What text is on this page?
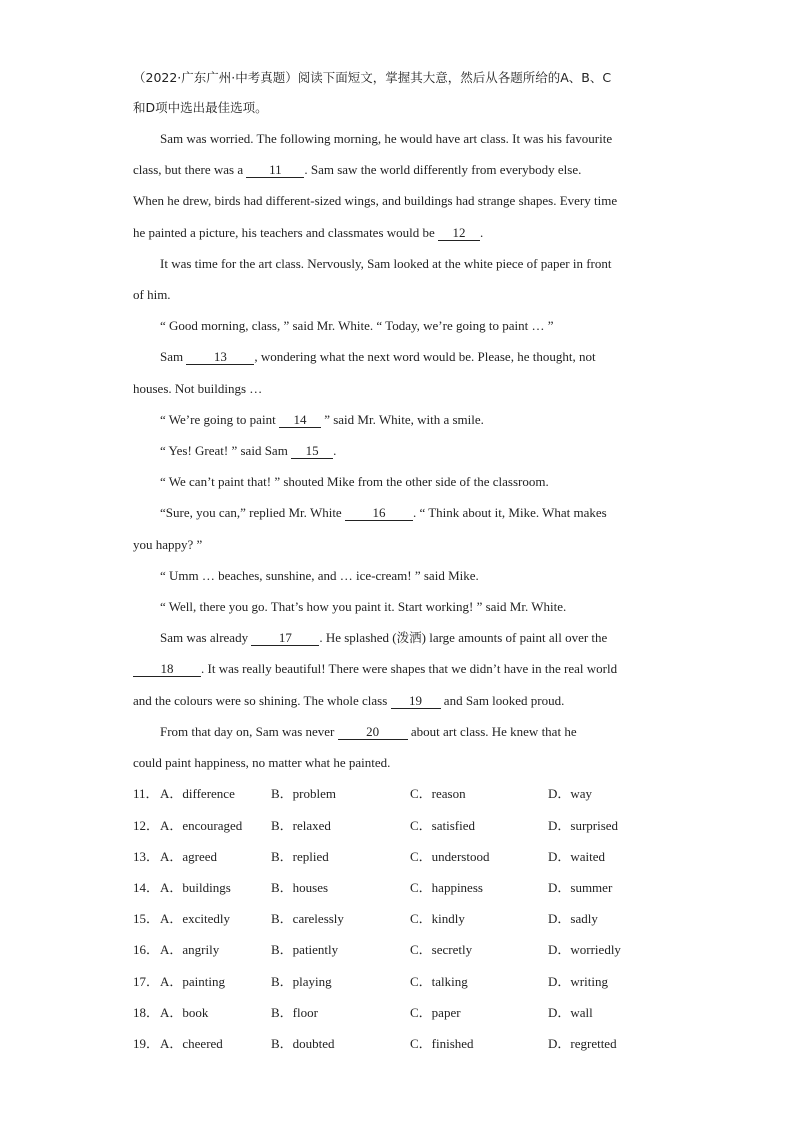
（2022·广东广州·中考真题）阅读下面短文，掌握其大意，然后从各题所给的A、B、C
和D项中选出最佳选项。
Sam was worried. The following morning, he would have art class. It was his favourite
class, but there was a 11 . Sam saw the world differently from everybody else.
When he drew, birds had different-sized wings, and buildings had strange shapes. Every time
he painted a picture, his teachers and classmates would be 12 .
It was time for the art class. Nervously, Sam looked at the white piece of paper in front
of him.
“ Good morning, class, ” said Mr. White. “ Today, we’re going to paint … ”
Sam 13 , wondering what the next word would be. Please, he thought, not
houses. Not buildings …
“ We’re going to paint 14 ” said Mr. White, with a smile.
“ Yes! Great! ” said Sam 15 .
“ We can’t paint that! ” shouted Mike from the other side of the classroom.
“Sure, you can,” replied Mr. White 16 . “ Think about it, Mike. What makes
you happy? ”
“ Umm … beaches, sunshine, and … ice-cream! ” said Mike.
“ Well, there you go. That’s how you paint it. Start working! ” said Mr. White.
Sam was already 17 . He splashed (泼洒) large amounts of paint all over the
18 . It was really beautiful! There were shapes that we didn’t have in the real world
and the colours were so shining. The whole class 19 and Sam looked proud.
From that day on, Sam was never 20 about art class. He knew that he
could paint happiness, no matter what he painted.
11． A．difference	B．problem	C．reason	D．way
12． A．encouraged B．relaxed	C．satisfied	D．surprised
13． A．agreed	B．replied	C．understood	D．waited
14． A．buildings	B．houses	C．happiness	D．summer
15． A．excitedly	B．carelessly	C．kindly	D．sadly
16． A．angrily	B．patiently	C．secretly	D．worriedly
17． A．painting	B．playing	C．talking	D．writing
18． A．book	B．floor	C．paper	D．wall
19． A．cheered	B．doubted	C．finished	D．regretted
